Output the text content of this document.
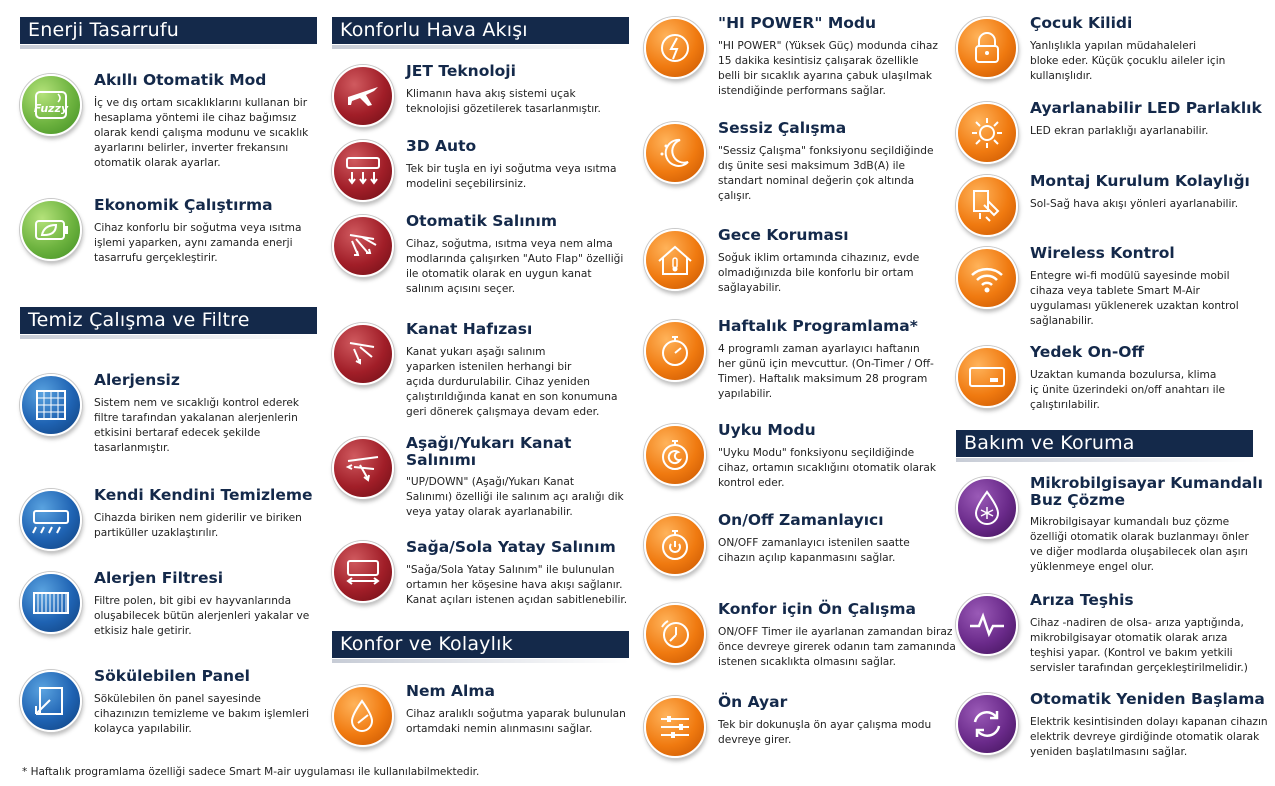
Enerji Tasarrufu	Konforlu Hava Akışı
Temiz Çalışma ve Filtre
Konfor ve Kolaylık
Bakım ve Koruma
Fuzzy
Akıllı Otomatik Mod
İç ve dış ortam sıcaklıklarını kullanan bir
hesaplama yöntemi ile cihaz bağımsız
olarak kendi çalışma modunu ve sıcaklık
ayarlarını belirler, inverter frekansını
otomatik olarak ayarlar.
Ekonomik Çalıştırma
Cihaz konforlu bir soğutma veya ısıtma
işlemi yaparken, aynı zamanda enerji
tasarrufu gerçekleştirir.
Alerjensiz
Sistem nem ve sıcaklığı kontrol ederek
filtre tarafından yakalanan alerjenlerin
etkisini bertaraf edecek şekilde
tasarlanmıştır.
Kendi Kendini Temizleme
Cihazda biriken nem giderilir ve biriken
partiküller uzaklaştırılır.
Alerjen Filtresi
Filtre polen, bit gibi ev hayvanlarında
oluşabilecek bütün alerjenleri yakalar ve
etkisiz hale getirir.
Sökülebilen Panel
Sökülebilen ön panel sayesinde
cihazınızın temizleme ve bakım işlemleri
kolayca yapılabilir.
JET Teknoloji
Klimanın hava akış sistemi uçak
teknolojisi gözetilerek tasarlanmıştır.
3D Auto
Tek bir tuşla en iyi soğutma veya ısıtma
modelini seçebilirsiniz.
Otomatik Salınım
Cihaz, soğutma, ısıtma veya nem alma
modlarında çalışırken "Auto Flap" özelliği
ile otomatik olarak en uygun kanat
salınım açısını seçer.
Kanat Hafızası
Kanat yukarı aşağı salınım
yaparken istenilen herhangi bir
açıda durdurulabilir. Cihaz yeniden
çalıştırıldığında kanat en son konumuna
geri dönerek çalışmaya devam eder.
Aşağı/Yukarı Kanat Salınımı
"UP/DOWN" (Aşağı/Yukarı Kanat
Salınımı) özelliği ile salınım açı aralığı dik
veya yatay olarak ayarlanabilir.
Sağa/Sola Yatay Salınım
"Sağa/Sola Yatay Salınım" ile bulunulan
ortamın her köşesine hava akışı sağlanır.
Kanat açıları istenen açıdan sabitlenebilir.
Nem Alma
Cihaz aralıklı soğutma yaparak bulunulan
ortamdaki nemin alınmasını sağlar.
"HI POWER" Modu
"HI POWER" (Yüksek Güç) modunda cihaz
15 dakika kesintisiz çalışarak özellikle
belli bir sıcaklık ayarına çabuk ulaşılmak
istendiğinde performans sağlar.
Sessiz Çalışma
"Sessiz Çalışma" fonksiyonu seçildiğinde
dış ünite sesi maksimum 3dB(A) ile
standart nominal değerin çok altında
çalışır.
Gece Koruması
Soğuk iklim ortamında cihazınız, evde
olmadığınızda bile konforlu bir ortam
sağlayabilir.
Haftalık Programlama*
4 programlı zaman ayarlayıcı haftanın
her günü için mevcuttur. (On-Timer / Off-
Timer). Haftalık maksimum 28 program
yapılabilir.
Uyku Modu
"Uyku Modu" fonksiyonu seçildiğinde
cihaz, ortamın sıcaklığını otomatik olarak
kontrol eder.
On/Off Zamanlayıcı
ON/OFF zamanlayıcı istenilen saatte
cihazın açılıp kapanmasını sağlar.
Konfor için Ön Çalışma
ON/OFF Timer ile ayarlanan zamandan biraz
önce devreye girerek odanın tam zamanında
istenen sıcaklıkta olmasını sağlar.
Ön Ayar
Tek bir dokunuşla ön ayar çalışma modu
devreye girer.
Çocuk Kilidi
Yanlışlıkla yapılan müdahaleleri
bloke eder. Küçük çocuklu aileler için
kullanışlıdır.
Ayarlanabilir LED Parlaklık
LED ekran parlaklığı ayarlanabilir.
Montaj Kurulum Kolaylığı
Sol-Sağ hava akışı yönleri ayarlanabilir.
Wireless Kontrol
Entegre wi-fi modülü sayesinde mobil
cihaza veya tablete Smart M-Air
uygulaması yüklenerek uzaktan kontrol
sağlanabilir.
Yedek On-Off
Uzaktan kumanda bozulursa, klima
iç ünite üzerindeki on/off anahtarı ile
çalıştırılabilir.
Mikrobilgisayar Kumandalı Buz Çözme
Mikrobilgisayar kumandalı buz çözme
özelliği otomatik olarak buzlanmayı önler
ve diğer modlarda oluşabilecek olan aşırı
yüklenmeye engel olur.
Arıza Teşhis
Cihaz -nadiren de olsa- arıza yaptığında,
mikrobilgisayar otomatik olarak arıza
teşhisi yapar. (Kontrol ve bakım yetkili
servisler tarafından gerçekleştirilmelidir.)
Otomatik Yeniden Başlama
Elektrik kesintisinden dolayı kapanan cihazın
elektrik devreye girdiğinde otomatik olarak
yeniden başlatılmasını sağlar.
* Haftalık programlama özelliği sadece Smart M-air uygulaması ile kullanılabilmektedir.
